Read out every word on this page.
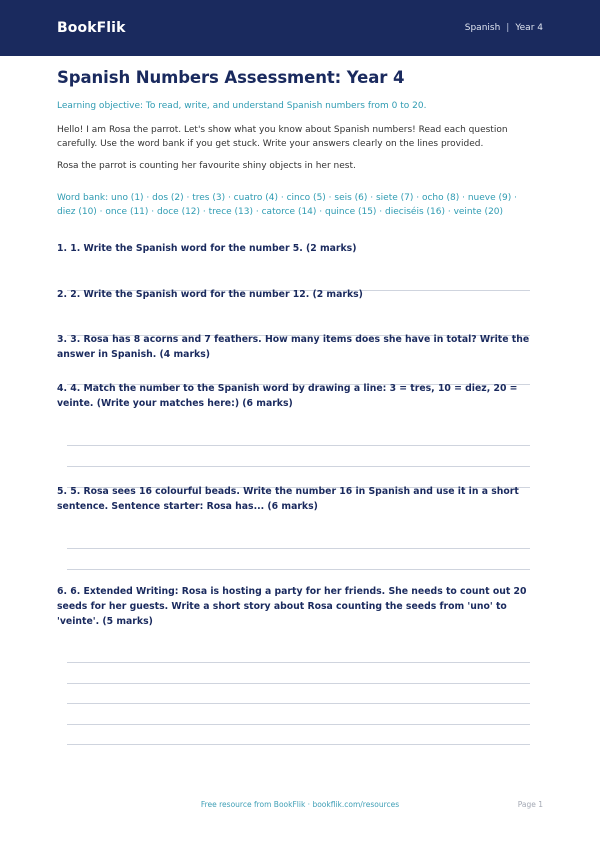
BookFlik	Spanish | Year 4
Spanish Numbers Assessment: Year 4

Learning objective: To read, write, and understand Spanish numbers from 0 to 20.

Hello! I am Rosa the parrot. Let's show what you know about Spanish numbers! Read each question carefully. Use the word bank if you get stuck. Write your answers clearly on the lines provided.

Rosa the parrot is counting her favourite shiny objects in her nest.

Word bank: uno (1) · dos (2) · tres (3) · cuatro (4) · cinco (5) · seis (6) · siete (7) · ocho (8) · nueve (9) · diez (10) · once (11) · doce (12) · trece (13) · catorce (14) · quince (15) · dieciséis (16) · veinte (20)

1. 1. Write the Spanish word for the number 5. (2 marks)

2. 2. Write the Spanish word for the number 12. (2 marks)

3. 3. Rosa has 8 acorns and 7 feathers. How many items does she have in total? Write the answer in Spanish. (4 marks)

4. 4. Match the number to the Spanish word by drawing a line: 3 = tres, 10 = diez, 20 = veinte. (Write your matches here:) (6 marks)

5. 5. Rosa sees 16 colourful beads. Write the number 16 in Spanish and use it in a short sentence. Sentence starter: Rosa has... (6 marks)

6. 6. Extended Writing: Rosa is hosting a party for her friends. She needs to count out 20 seeds for her guests. Write a short story about Rosa counting the seeds from 'uno' to 'veinte'. (5 marks)

Free resource from BookFlik · bookflik.com/resources	Page 1
